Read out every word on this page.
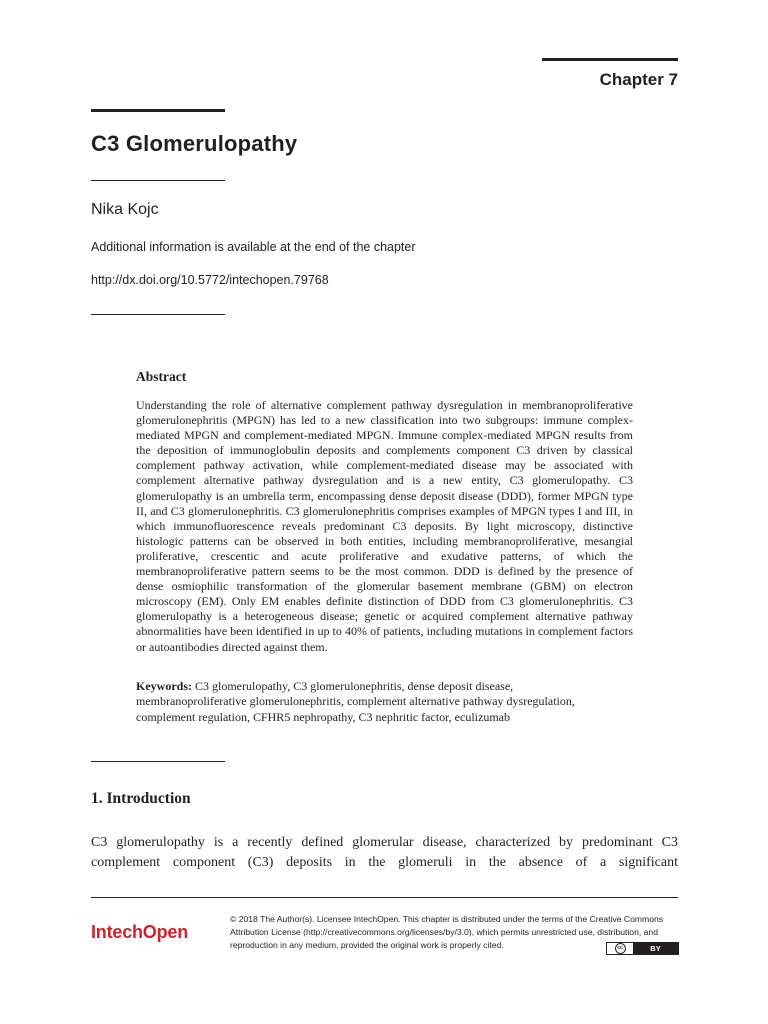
Chapter 7
C3 Glomerulopathy
Nika Kojc
Additional information is available at the end of the chapter
http://dx.doi.org/10.5772/intechopen.79768
Abstract
Understanding the role of alternative complement pathway dysregulation in membranoproliferative glomerulonephritis (MPGN) has led to a new classification into two subgroups: immune complex-mediated MPGN and complement-mediated MPGN. Immune complex-mediated MPGN results from the deposition of immunoglobulin deposits and complements component C3 driven by classical complement pathway activation, while complement-mediated disease may be associated with complement alternative pathway dysregulation and is a new entity, C3 glomerulopathy. C3 glomerulopathy is an umbrella term, encompassing dense deposit disease (DDD), former MPGN type II, and C3 glomerulonephritis. C3 glomerulonephritis comprises examples of MPGN types I and III, in which immunofluorescence reveals predominant C3 deposits. By light microscopy, distinctive histologic patterns can be observed in both entities, including membranoproliferative, mesangial proliferative, crescentic and acute proliferative and exudative patterns, of which the membranoproliferative pattern seems to be the most common. DDD is defined by the presence of dense osmiophilic transformation of the glomerular basement membrane (GBM) on electron microscopy (EM). Only EM enables definite distinction of DDD from C3 glomerulonephritis. C3 glomerulopathy is a heterogeneous disease; genetic or acquired complement alternative pathway abnormalities have been identified in up to 40% of patients, including mutations in complement factors or autoantibodies directed against them.
Keywords: C3 glomerulopathy, C3 glomerulonephritis, dense deposit disease, membranoproliferative glomerulonephritis, complement alternative pathway dysregulation, complement regulation, CFHR5 nephropathy, C3 nephritic factor, eculizumab
1. Introduction
C3 glomerulopathy is a recently defined glomerular disease, characterized by predominant C3 complement component (C3) deposits in the glomeruli in the absence of a significant
IntechOpen
© 2018 The Author(s). Licensee IntechOpen. This chapter is distributed under the terms of the Creative Commons Attribution License (http://creativecommons.org/licenses/by/3.0), which permits unrestricted use, distribution, and reproduction in any medium, provided the original work is properly cited.	cc	BY
